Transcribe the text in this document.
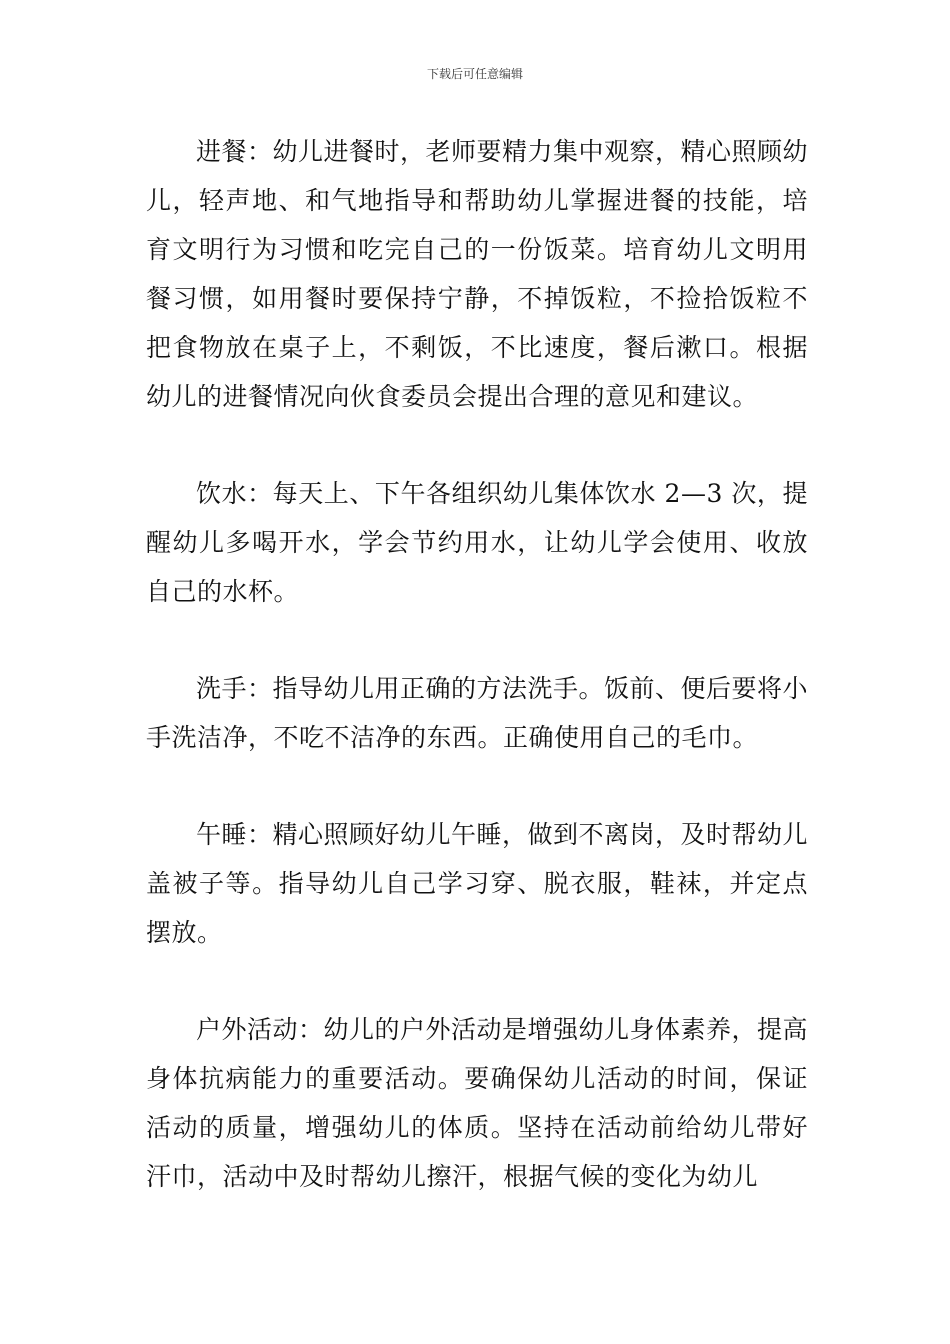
下载后可任意编辑

进餐：幼儿进餐时，老师要精力集中观察，精心照顾幼儿，轻声地、和气地指导和帮助幼儿掌握进餐的技能，培育文明行为习惯和吃完自己的一份饭菜。培育幼儿文明用餐习惯，如用餐时要保持宁静，不掉饭粒，不捡拾饭粒不把食物放在桌子上，不剩饭，不比速度，餐后漱口。根据幼儿的进餐情况向伙食委员会提出合理的意见和建议。

饮水：每天上、下午各组织幼儿集体饮水 2—3 次，提醒幼儿多喝开水，学会节约用水，让幼儿学会使用、收放自己的水杯。

洗手：指导幼儿用正确的方法洗手。饭前、便后要将小手洗洁净，不吃不洁净的东西。正确使用自己的毛巾。

午睡：精心照顾好幼儿午睡，做到不离岗，及时帮幼儿盖被子等。指导幼儿自己学习穿、脱衣服，鞋袜，并定点摆放。

户外活动：幼儿的户外活动是增强幼儿身体素养，提高身体抗病能力的重要活动。要确保幼儿活动的时间，保证活动的质量，增强幼儿的体质。坚持在活动前给幼儿带好汗巾，活动中及时帮幼儿擦汗，根据气候的变化为幼儿
